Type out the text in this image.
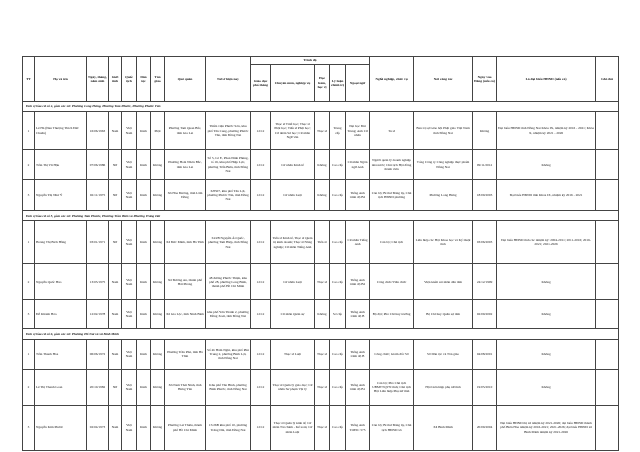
TT	Họ và tên	Ngày, tháng, năm sinh	Giới tính	Quốc tịch	Dân tộc	Tôn giáo	Quê quán	Nơi ở hiện nay	Trình độ					Nghề nghiệp, chức vụ	Nơi công tác	Ngày vào Đảng (nếu có)	Là đại biểu HĐND (nếu có)	Ghi chú
									Giáo dục phổ thông	Chuyên môn, nghiệp vụ	Học hàm, học vị	Lý luận chính trị	Ngoại ngữ					
Đơn vị bầu cử số 4, gồm các xã: Phường Long Hưng, Phường Tam Phước, Phường Phước Tân																		
1	Lê Hà (Đan Thượng Thích Đức Chuân)	16/06/1963	Nam	Việt Nam	Kinh	Phật	Phường Tam Quan Bắc, tỉnh Gia Lai	Thiền viện Phước Sơn, khu phố Tân Cang, phường Phước Tân, tỉnh Đồng Nai	12/12	Thạc sĩ Triết học; Thạc sĩ Phật học; Tiến sĩ Phật học; Cử nhân Sư học; Cử nhân Ngữ văn	Thạc sĩ	Trung cấp	Đại học Đài Trung; Anh Cử nhân	Tu sĩ	Ban trị sự Giáo hội Phật giáo Việt Nam tỉnh Đồng Nai	Không	Đại biểu HĐND tỉnh Đồng Nai Khóa IX, nhiệm kỳ 2016 - 2021; Khóa X, nhiệm kỳ 2021 - 2026	
2	Trần Thị Vũ Hậu	07/06/1986	Nữ	Việt Nam	Kinh	Không	Phường Hoài Nhơn Bắc, tỉnh Gia Lai	Số 5, Lô E, Phan Đình Phùng, tổ 16, khu phố Hiệp Lực, phường Trấn Biên, tỉnh Đồng Nai	12/12	Cử nhân Kinh tế	Không	Cao cấp	Cử nhân Ngôn ngữ Anh	Người quản lý doanh nghiệp nhà nước; Chủ tịch Hội đồng thành viên	Tổng Công ty Công nghiệp thực phẩm Đồng Nai	09/11/2012	Không	
3	Nguyễn Thị Như Ý	02/11/1975	Nữ	Việt Nam	Kinh	Không	Xã Hòa Đương, tỉnh Lâm Đồng	6/8507, khu phố Tân Lợi, phường Phước Tân, tỉnh Đồng Nai	12/12	Cử nhân Luật	Không	Cao cấp	Tiếng Anh trình độ B2	Cán bộ; Bí thư Đảng ủy, Chủ tịch HĐND phường	Phường Long Hưng	18/09/2003	Đại biểu HĐND tỉnh Khóa IX, nhiệm kỳ 2016 - 2021	
Đơn vị bầu cử số 5, gồm các xã: Phường Tam Phước, Phường Trần Biên và Phường Trảng Dài																		
1	Hoàng Thị Bích Hằng	03/01/1971	Nữ	Việt Nam	Kinh	Không	Xã Đức Minh, tỉnh Hà Tĩnh	34/2B Nguyễn Ái Quốc, phường Tam Hiệp, tỉnh Đồng Nai	12/12	Tiến sĩ Kinh tế, Thạc sĩ Quản trị kinh doanh; Thạc sĩ Nông nghiệp; Cử nhân Tiếng Anh	Tiến sĩ	Cao cấp	Cử nhân Tiếng Anh	Cán bộ; Chủ tịch	Liên hiệp các Hội Khoa học và Kỹ thuật tỉnh	03/06/2003	Đại biểu HĐND tỉnh các nhiệm kỳ: 2004-2011; 2011-2016; 2016-2021; 2021-2026	
2	Nguyễn Quốc Hào	13/03/1975	Nam	Việt Nam	Kinh	Không	Xã Đường An, thành phố Hải Phòng	48 đường Phước Thiện, khu phố 28, phường Long Bình, thành phố Hồ Chí Minh	12/12	Cử nhân Luật	Thạc sĩ	Cao cấp	Tiếng Anh trình độ B2	Công chức/Viên chức	Viện kiểm sát nhân dân tỉnh	24/12/1999	Không	
3	Đỗ Khánh Hòa	12/02/1978	Nam	Việt Nam	Kinh	Không	Xã Gia Lộc, tỉnh Ninh Bình	khu phố Yên Thành 2, phường Đồng Xoài, tỉnh Đồng Nai	12/12	Cử nhân Quân sự	Không	Sơ cấp	Tiếng Anh trình độ B	Bộ đội; Phó Chỉ huy trưởng	Bộ Chỉ huy Quân sự tỉnh	02/09/2002	Không	
Đơn vị bầu cử số 6, gồm các xã: Phường Hố Nai và xã Bình Minh																		
1	Trần Thanh Hòa	06/06/1972	Nam	Việt Nam	Kinh	Không	Phường Trần Phú, tỉnh Hà Tĩnh	Số 4b Hàm Nghi, khu phố Phú Trung 2, phường Bình Lợi, tỉnh Đồng Nai	12/12	Thạc sĩ Luật	Thạc sĩ	Cao cấp	Tiếng Anh trình độ B	Công chức; Giám đốc Sở	Sở Dân tộc và Tôn giáo	04/08/2001	Không	
2	Lê Thị Thanh Loan	20/10/1982	Nữ	Việt Nam	Kinh	Không	Xã Nam Thái Ninh, tỉnh Hưng Yên	Khu phố Tân Bình, phường Bình Phước, tỉnh Đồng Nai	12/12	Thạc sĩ Quản lý giáo dục; Cử nhân Sư phạm Vật lý	Thạc sĩ	Cao cấp	Tiếng Anh trình độ B1	Cán bộ; Phó Chủ tịch UBMTTQVN tỉnh; Chủ tịch Hội Liên hiệp Phụ nữ tỉnh	Hội Liên hiệp phụ nữ tỉnh	19/05/2010	Không	
3	Nguyễn Kim Phước	02/04/1973	Nam	Việt Nam	Kinh	Không	Phường Lai Thiêu, thành phố Hồ Chí Minh	15/26B khu phố 10, phường Trảng Dài, tỉnh Đồng Nai	12/12	Thạc sĩ Quản lý kinh tế; Cử nhân Tài chính - Kế toán; Cử nhân Luật	Thạc sĩ	Cao cấp	Tiếng Anh TOEIC 575	Cán bộ; Bí thư Đảng ủy, Chủ tịch HĐND xã	Xã Bình Minh	20/09/2004	Đại biểu HĐND thị xã nhiệm kỳ 2021-2026; đại biểu HĐND thành phố Biên Hòa nhiệm kỳ 2016-2021; 2021-2026; đại biểu HĐND xã Bình Minh nhiệm kỳ 2021-2026	
